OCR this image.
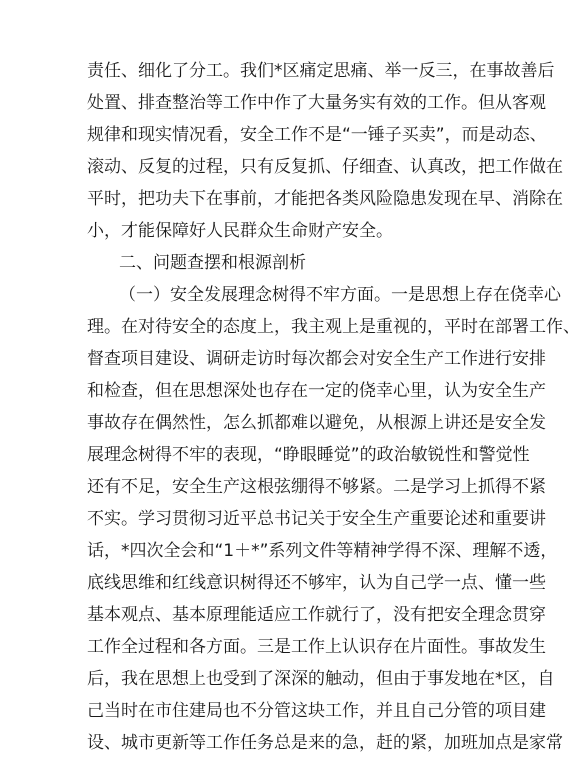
责任、细化了分工。我们*区痛定思痛、举一反三，在事故善后
处置、排查整治等工作中作了大量务实有效的工作。但从客观
规律和现实情况看，安全工作不是“一锤子买卖”，而是动态、
滚动、反复的过程，只有反复抓、仔细查、认真改，把工作做在
平时，把功夫下在事前，才能把各类风险隐患发现在早、消除在
小，才能保障好人民群众生命财产安全。
二、问题查摆和根源剖析
（一）安全发展理念树得不牢方面。一是思想上存在侥幸心
理。在对待安全的态度上，我主观上是重视的，平时在部署工作、
督查项目建设、调研走访时每次都会对安全生产工作进行安排
和检查，但在思想深处也存在一定的侥幸心里，认为安全生产
事故存在偶然性，怎么抓都难以避免，从根源上讲还是安全发
展理念树得不牢的表现，“睁眼睡觉”的政治敏锐性和警觉性
还有不足，安全生产这根弦绷得不够紧。二是学习上抓得不紧
不实。学习贯彻习近平总书记关于安全生产重要论述和重要讲
话，*四次全会和“1＋*”系列文件等精神学得不深、理解不透，
底线思维和红线意识树得还不够牢，认为自己学一点、懂一些
基本观点、基本原理能适应工作就行了，没有把安全理念贯穿
工作全过程和各方面。三是工作上认识存在片面性。事故发生
后，我在思想上也受到了深深的触动，但由于事发地在*区，自
己当时在市住建局也不分管这块工作，并且自己分管的项目建
设、城市更新等工作任务总是来的急，赶的紧，加班加点是家常
